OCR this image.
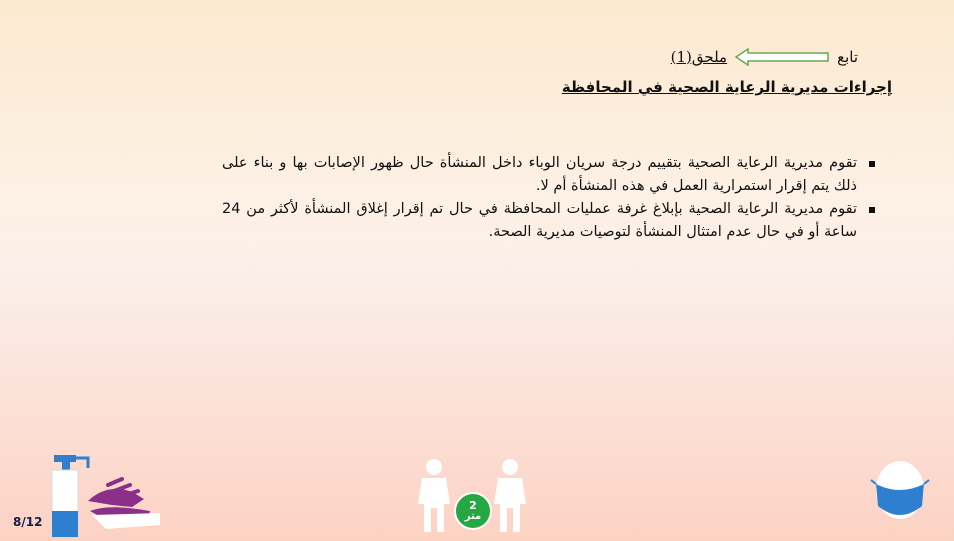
تابع
ملحق(1)
إجراءات مديرية الرعاية الصحية في المحافظة
تقوم مديرية الرعاية الصحية بتقييم درجة سريان الوباء داخل المنشأة حال ظهور الإصابات بها و بناء على ذلك يتم إقرار استمرارية العمل في هذه المنشأة أم لا.
تقوم مديرية الرعاية الصحية بإبلاغ غرفة عمليات المحافظة في حال تم إقرار إغلاق المنشأة لأكثر من 24 ساعة أو في حال عدم امتثال المنشأة لتوصيات مديرية الصحة.
2
متر
8/12
